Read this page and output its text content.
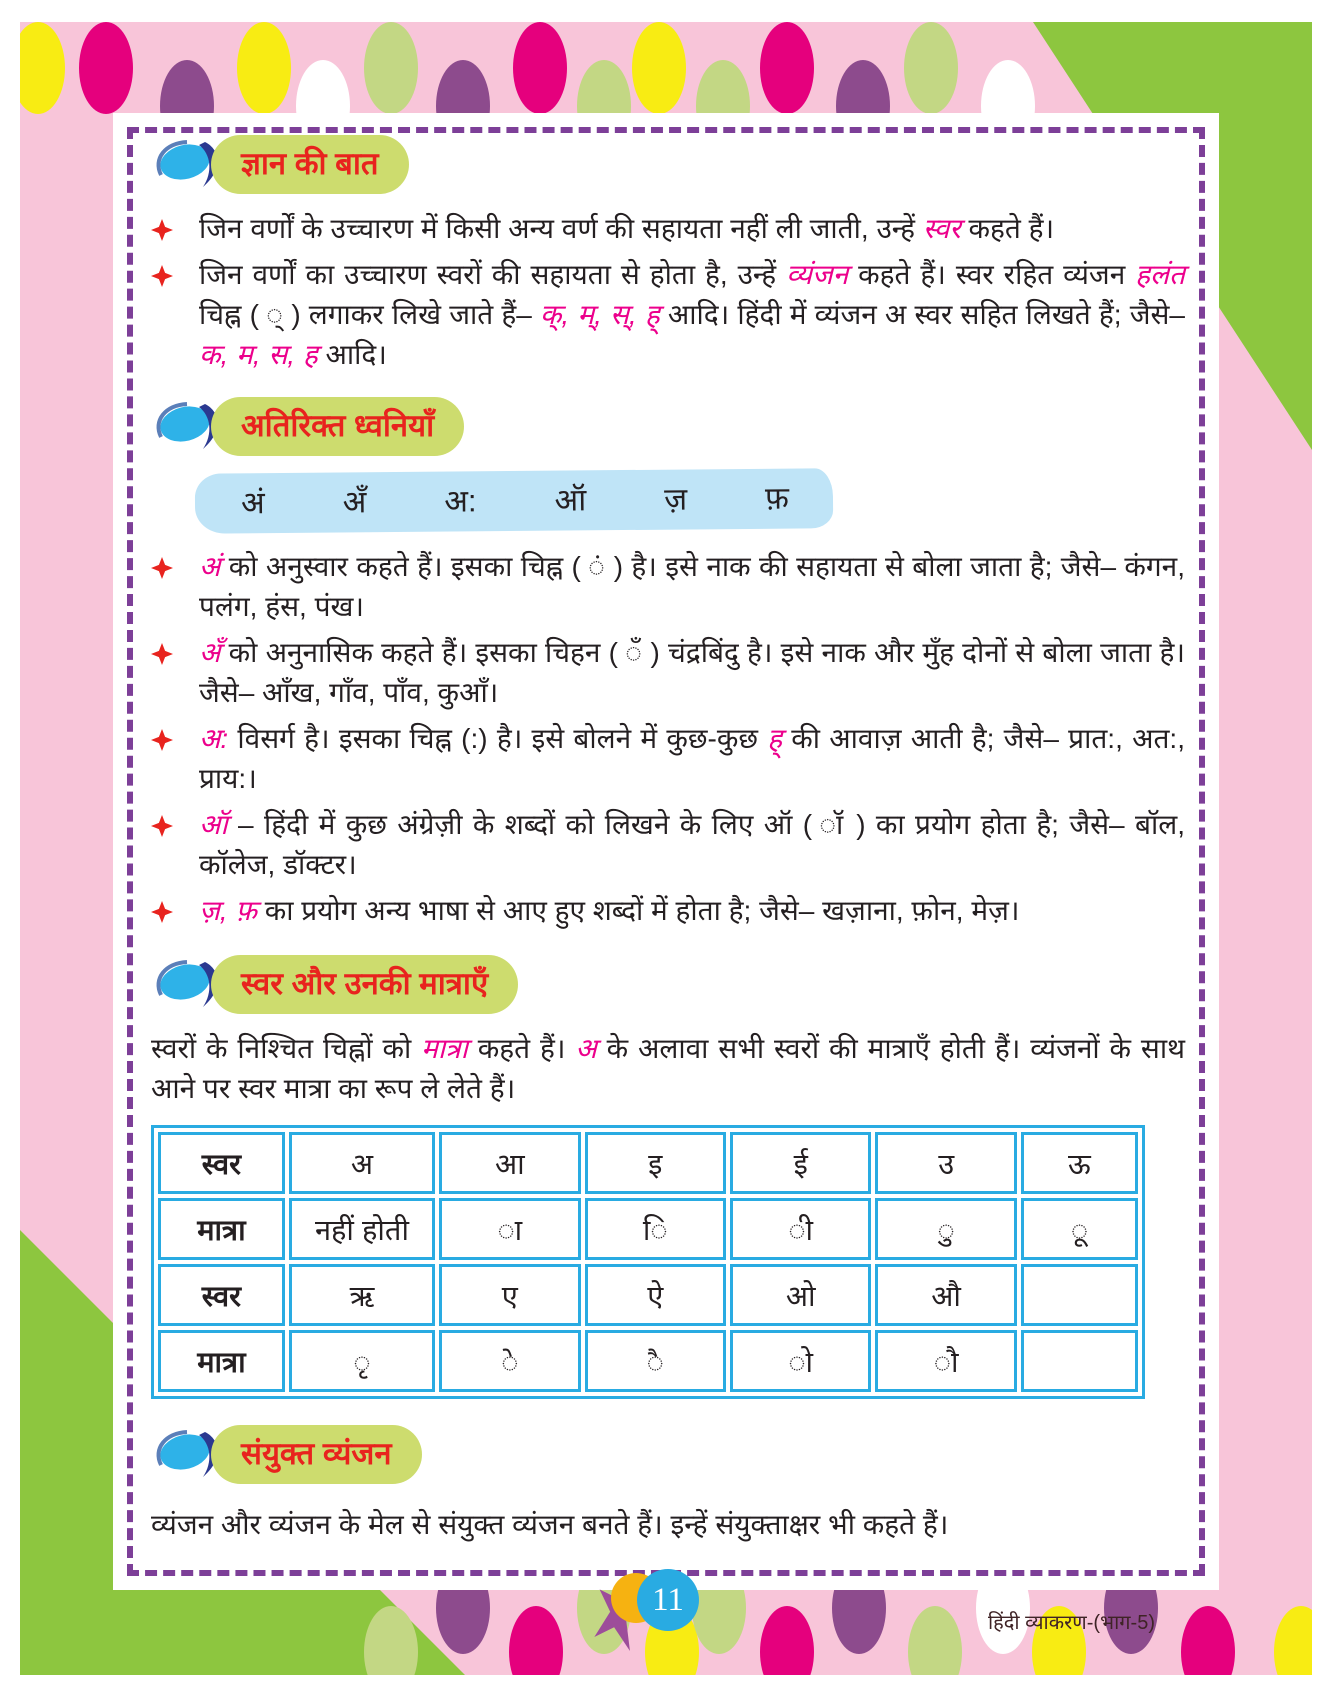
ज्ञान की बात

जिन वर्णों के उच्चारण में किसी अन्य वर्ण की सहायता नहीं ली जाती, उन्हें स्वर कहते हैं।

जिन वर्णों का उच्चारण स्वरों की सहायता से होता है, उन्हें व्यंजन कहते हैं। स्वर रहित व्यंजन हलंत चिह्न ( ् ) लगाकर लिखे जाते हैं– क्, म्, स्, ह् आदि। हिंदी में व्यंजन अ स्वर सहित लिखते हैं; जैसे– क, म, स, ह आदि।

अतिरिक्त ध्वनियाँ
अं	अँ	अ:	ऑ	ज़	फ़

अं को अनुस्वार कहते हैं। इसका चिह्न ( ं ) है। इसे नाक की सहायता से बोला जाता है; जैसे– कंगन, पलंग, हंस, पंख।

अँ को अनुनासिक कहते हैं। इसका चिहन ( ँ ) चंद्रबिंदु है। इसे नाक और मुँह दोनों से बोला जाता है। जैसे– आँख, गाँव, पाँव, कुआँ।

अ: विसर्ग है। इसका चिह्न (:) है। इसे बोलने में कुछ-कुछ ह् की आवाज़ आती है; जैसे– प्रात:, अत:, प्राय:।

ऑ – हिंदी में कुछ अंग्रेज़ी के शब्दों को लिखने के लिए ऑ ( ॉ ) का प्रयोग होता है; जैसे– बॉल, कॉलेज, डॉक्टर।

ज़, फ़ का प्रयोग अन्य भाषा से आए हुए शब्दों में होता है; जैसे– खज़ाना, फ़ोन, मेज़।

स्वर और उनकी मात्राएँ

स्वरों के निश्चित चिह्नों को मात्रा कहते हैं। अ के अलावा सभी स्वरों की मात्राएँ होती हैं। व्यंजनों के साथ आने पर स्वर मात्रा का रूप ले लेते हैं।

स्वर	अ	आ	इ	ई	उ	ऊ
मात्रा	नहीं होती	ा	ि	ी	ु	ू
स्वर	ऋ	ए	ऐ	ओ	औ	
मात्रा	ृ	े	ै	ो	ौ	
संयुक्त व्यंजन

व्यंजन और व्यंजन के मेल से संयुक्त व्यंजन बनते हैं। इन्हें संयुक्ताक्षर भी कहते हैं।

11
हिंदी व्याकरण-(भाग-5)
